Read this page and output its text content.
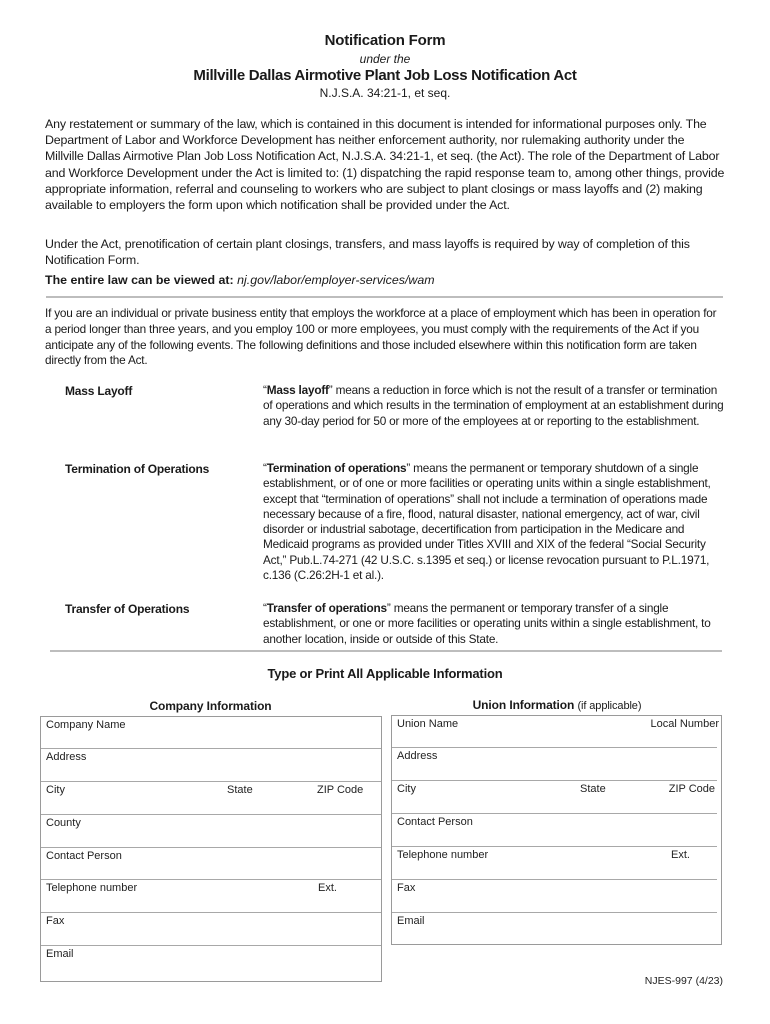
Notification Form
under the
Millville Dallas Airmotive Plant Job Loss Notification Act
N.J.S.A. 34:21-1, et seq.
Any restatement or summary of the law, which is contained in this document is intended for informational purposes only. The Department of Labor and Workforce Development has neither enforcement authority, nor rulemaking authority under the Millville Dallas Airmotive Plan Job Loss Notification Act, N.J.S.A. 34:21-1, et seq. (the Act). The role of the Department of Labor and Workforce Development under the Act is limited to: (1) dispatching the rapid response team to, among other things, provide appropriate information, referral and counseling to workers who are subject to plant closings or mass layoffs and (2) making available to employers the form upon which notification shall be provided under the Act.
Under the Act, prenotification of certain plant closings, transfers, and mass layoffs is required by way of completion of this Notification Form.
The entire law can be viewed at: nj.gov/labor/employer-services/wam
If you are an individual or private business entity that employs the workforce at a place of employment which has been in operation for a period longer than three years, and you employ 100 or more employees, you must comply with the requirements of the Act if you anticipate any of the following events. The following definitions and those included elsewhere within this notification form are taken directly from the Act.
Mass Layoff	“Mass layoff” means a reduction in force which is not the result of a transfer or termination of operations and which results in the termination of employment at an establishment during any 30-day period for 50 or more of the employees at or reporting to the establishment.
Termination of Operations	“Termination of operations” means the permanent or temporary shutdown of a single establishment, or of one or more facilities or operating units within a single establishment, except that “termination of operations” shall not include a termination of operations made necessary because of a fire, flood, natural disaster, national emergency, act of war, civil disorder or industrial sabotage, decertification from participation in the Medicare and Medicaid programs as provided under Titles XVIII and XIX of the federal “Social Security Act,” Pub.L.74-271 (42 U.S.C. s.1395 et seq.) or license revocation pursuant to P.L.1971, c.136 (C.26:2H-1 et al.).
Transfer of Operations	“Transfer of operations” means the permanent or temporary transfer of a single establishment, or one or more facilities or operating units within a single establishment, to another location, inside or outside of this State.
Type or Print All Applicable Information
Company Information	Union Information (if applicable)
Company Name
Address
City	State	ZIP Code
County
Contact Person
Telephone number	Ext.
Fax
Email
Union Name	Local Number
Address
City	State	ZIP Code
Contact Person
Telephone number	Ext.
Fax
Email
NJES-997 (4/23)
